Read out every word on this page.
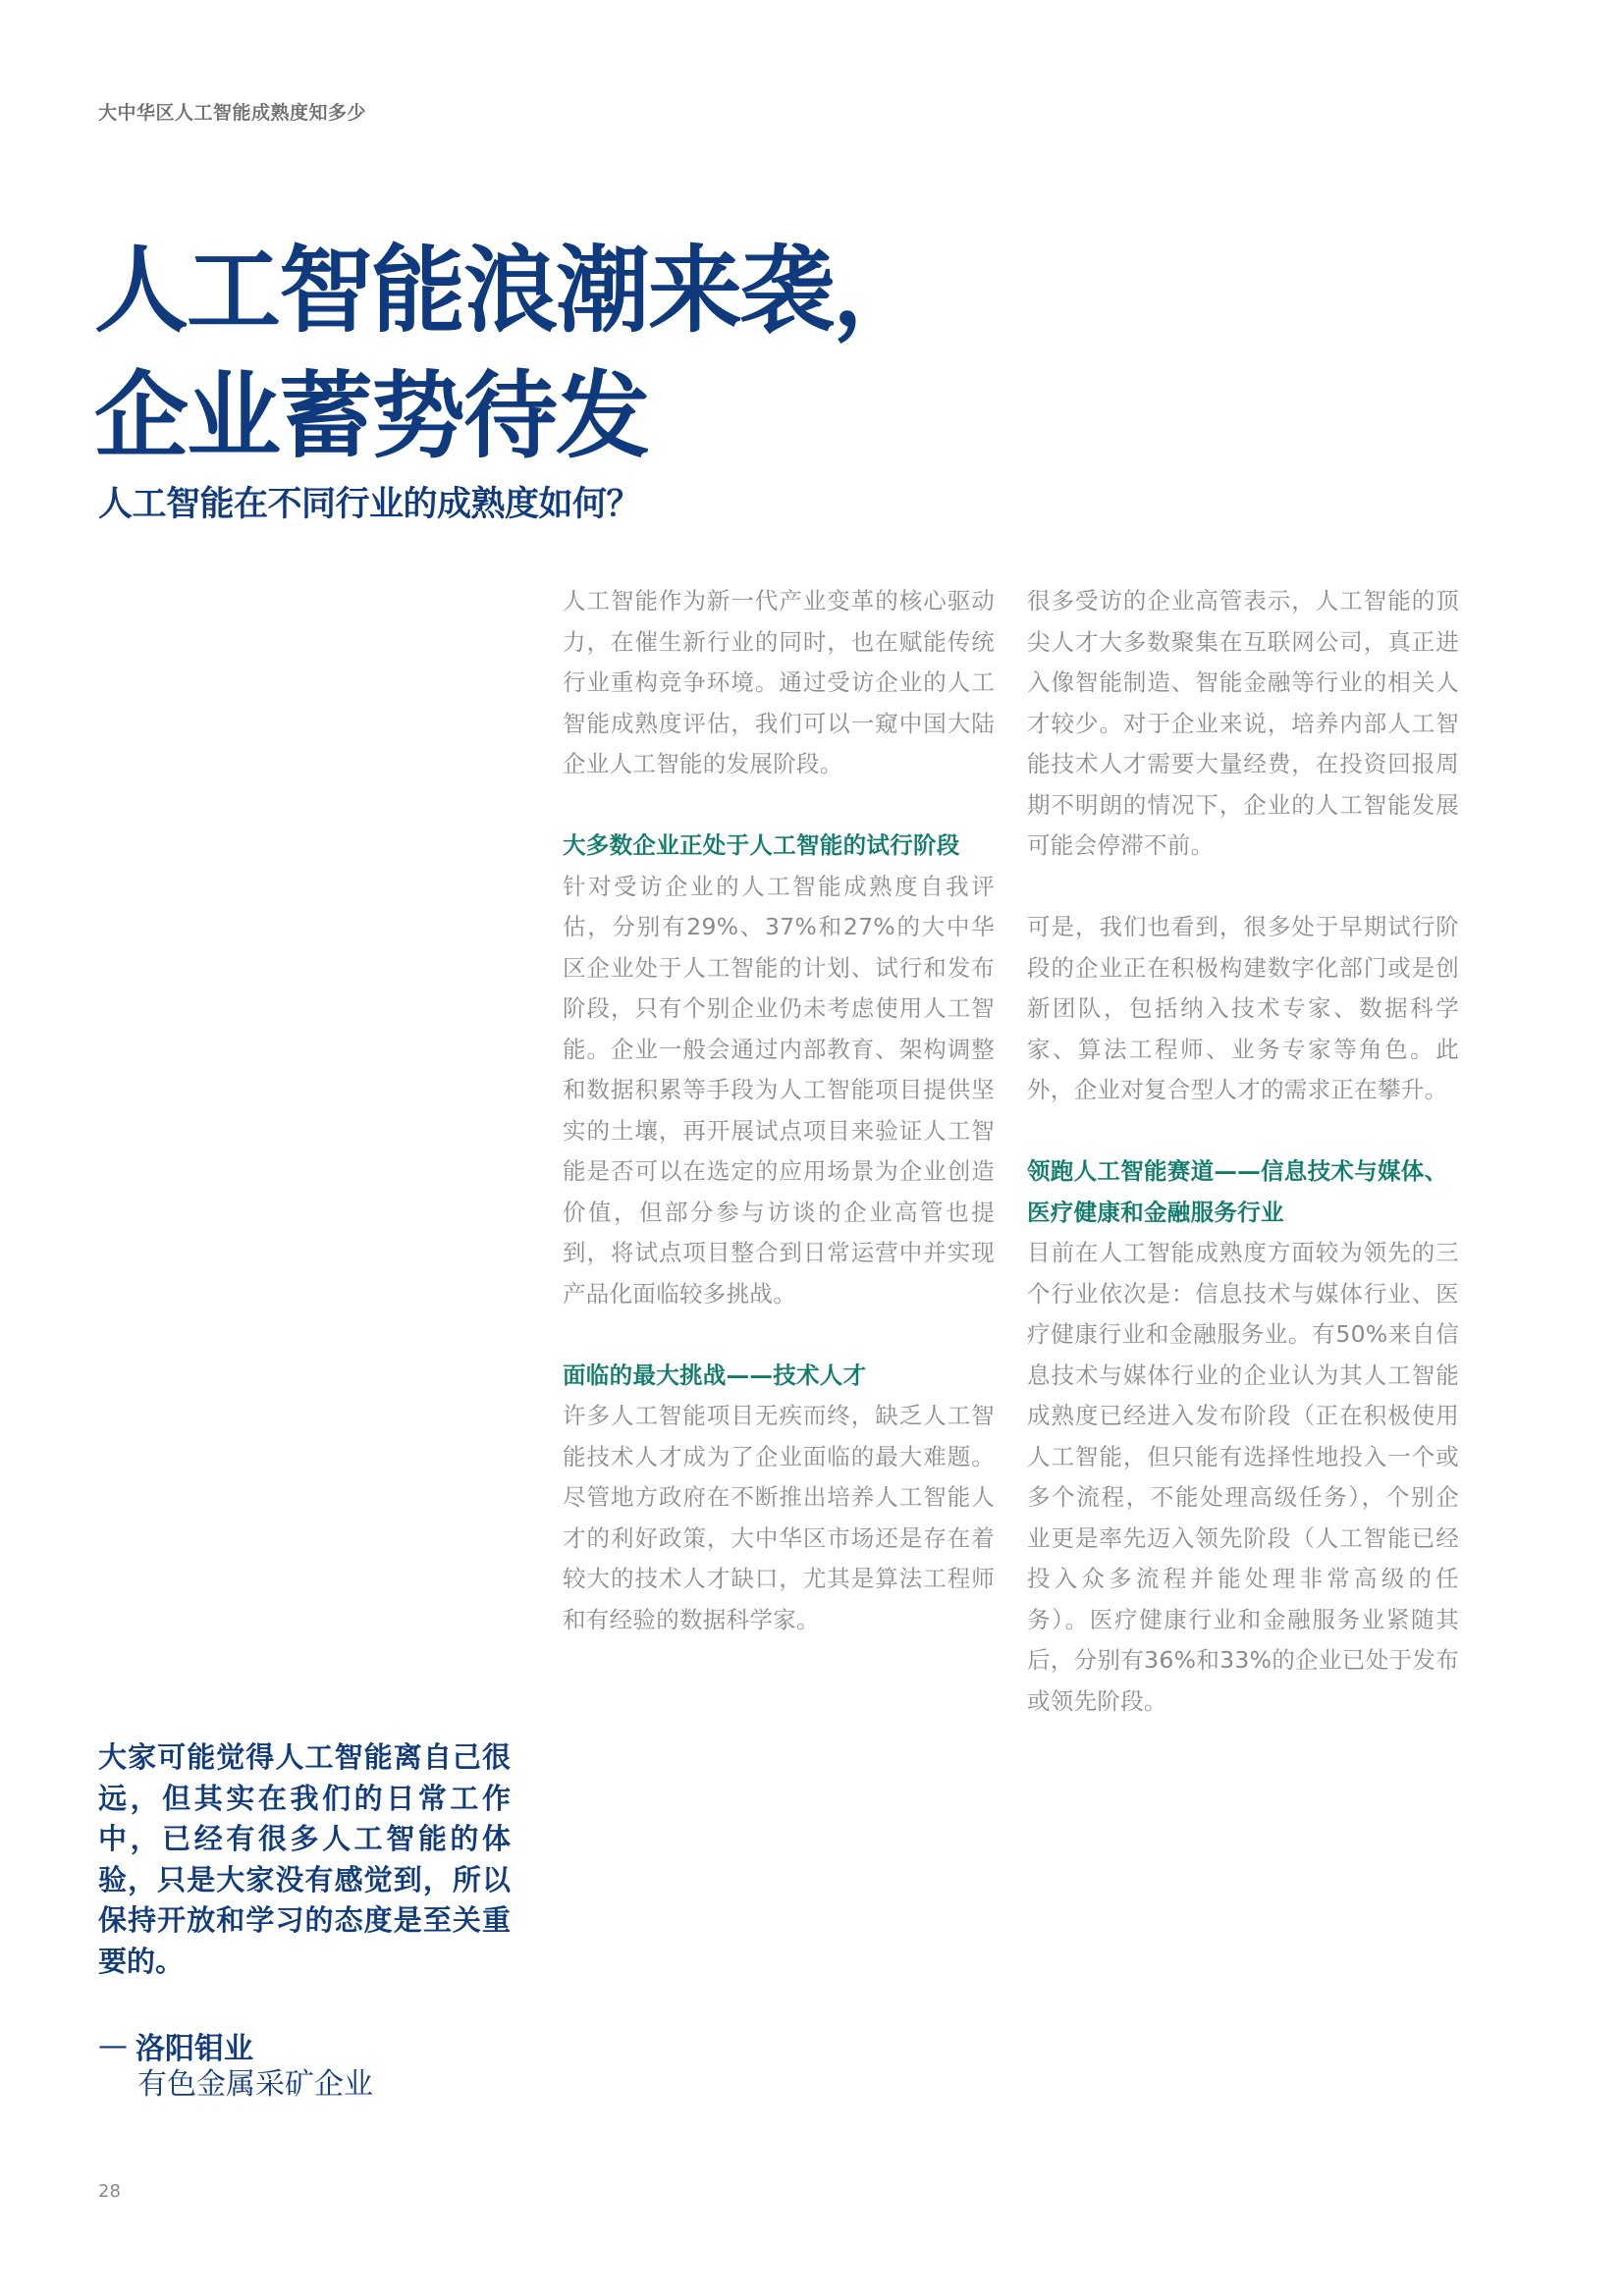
大中华区人工智能成熟度知多少
人工智能浪潮来袭，
企业蓄势待发
人工智能在不同行业的成熟度如何？

人工智能作为新一代产业变革的核心驱动力，在催生新行业的同时，也在赋能传统行业重构竞争环境。通过受访企业的人工智能成熟度评估，我们可以一窥中国大陆企业人工智能的发展阶段。

大多数企业正处于人工智能的试行阶段

针对受访企业的人工智能成熟度自我评估，分别有29%、37%和27%的大中华区企业处于人工智能的计划、试行和发布阶段，只有个别企业仍未考虑使用人工智能。企业一般会通过内部教育、架构调整和数据积累等手段为人工智能项目提供坚实的土壤，再开展试点项目来验证人工智能是否可以在选定的应用场景为企业创造价值，但部分参与访谈的企业高管也提到，将试点项目整合到日常运营中并实现产品化面临较多挑战。

面临的最大挑战——技术人才

许多人工智能项目无疾而终，缺乏人工智能技术人才成为了企业面临的最大难题。尽管地方政府在不断推出培养人工智能人才的利好政策，大中华区市场还是存在着较大的技术人才缺口，尤其是算法工程师和有经验的数据科学家。

很多受访的企业高管表示，人工智能的顶尖人才大多数聚集在互联网公司，真正进入像智能制造、智能金融等行业的相关人才较少。对于企业来说，培养内部人工智能技术人才需要大量经费，在投资回报周期不明朗的情况下，企业的人工智能发展可能会停滞不前。

可是，我们也看到，很多处于早期试行阶段的企业正在积极构建数字化部门或是创新团队，包括纳入技术专家、数据科学家、算法工程师、业务专家等角色。此外，企业对复合型人才的需求正在攀升。

领跑人工智能赛道——信息技术与媒体、医疗健康和金融服务行业

目前在人工智能成熟度方面较为领先的三个行业依次是：信息技术与媒体行业、医疗健康行业和金融服务业。有50%来自信息技术与媒体行业的企业认为其人工智能成熟度已经进入发布阶段（正在积极使用人工智能，但只能有选择性地投入一个或多个流程，不能处理高级任务），个别企业更是率先迈入领先阶段（人工智能已经投入众多流程并能处理非常高级的任务）。医疗健康行业和金融服务业紧随其后，分别有36%和33%的企业已处于发布或领先阶段。

大家可能觉得人工智能离自己很远，但其实在我们的日常工作中，已经有很多人工智能的体验，只是大家没有感觉到，所以保持开放和学习的态度是至关重要的。

— 洛阳钼业
有色金属采矿企业
28
